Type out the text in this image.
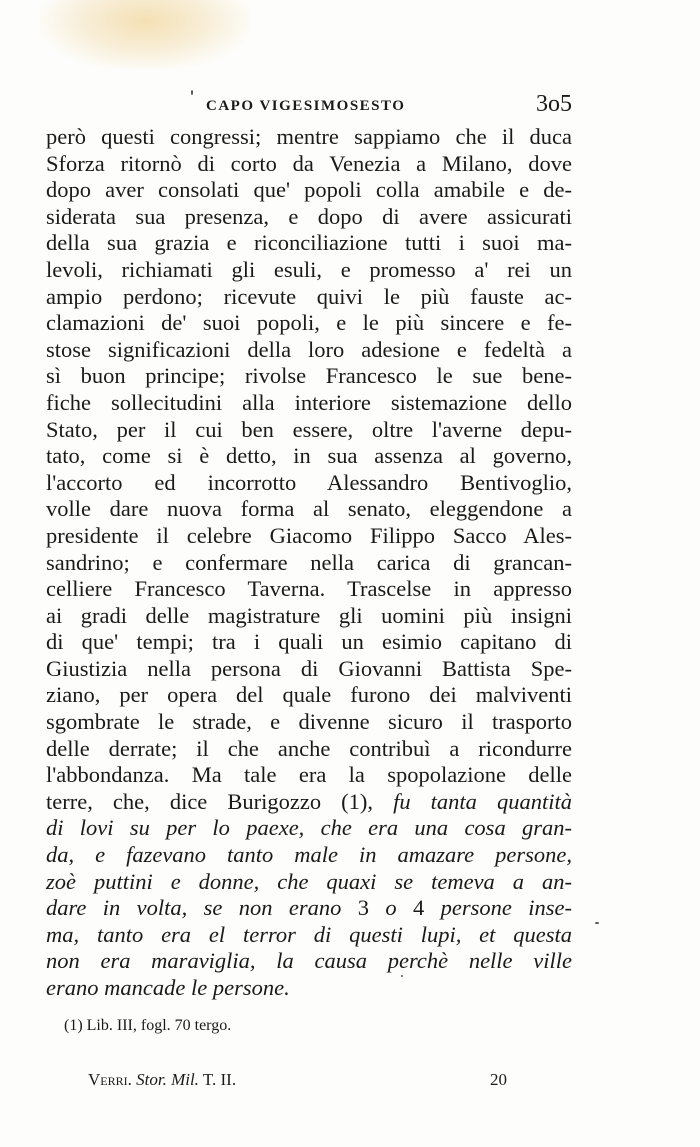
CAPO VIGESIMOSESTO	3o5
però questi congressi; mentre sappiamo che il duca
Sforza ritornò di corto da Venezia a Milano, dove
dopo aver consolati que' popoli colla amabile e de-
siderata sua presenza, e dopo di avere assicurati
della sua grazia e riconciliazione tutti i suoi ma-
levoli, richiamati gli esuli, e promesso a' rei un
ampio perdono; ricevute quivi le più fauste ac-
clamazioni de' suoi popoli, e le più sincere e fe-
stose significazioni della loro adesione e fedeltà a
sì buon principe; rivolse Francesco le sue bene-
fiche sollecitudini alla interiore sistemazione dello
Stato, per il cui ben essere, oltre l'averne depu-
tato, come si è detto, in sua assenza al governo,
l'accorto ed incorrotto Alessandro Bentivoglio,
volle dare nuova forma al senato, eleggendone a
presidente il celebre Giacomo Filippo Sacco Ales-
sandrino; e confermare nella carica di grancan-
celliere Francesco Taverna. Trascelse in appresso
ai gradi delle magistrature gli uomini più insigni
di que' tempi; tra i quali un esimio capitano di
Giustizia nella persona di Giovanni Battista Spe-
ziano, per opera del quale furono dei malviventi
sgombrate le strade, e divenne sicuro il trasporto
delle derrate; il che anche contribuì a ricondurre
l'abbondanza. Ma tale era la spopolazione delle
terre, che, dice Burigozzo (1), fu tanta quantità
di lovi su per lo paexe, che era una cosa gran-
da, e fazevano tanto male in amazare persone,
zoè puttini e donne, che quaxi se temeva a an-
dare in volta, se non erano 3 o 4 persone inse-
ma, tanto era el terror di questi lupi, et questa
non era maraviglia, la causa perchè nelle ville
erano mancade le persone.
(1) Lib. III, fogl. 70 tergo.
Verri. Stor. Mil. T. II.	20
